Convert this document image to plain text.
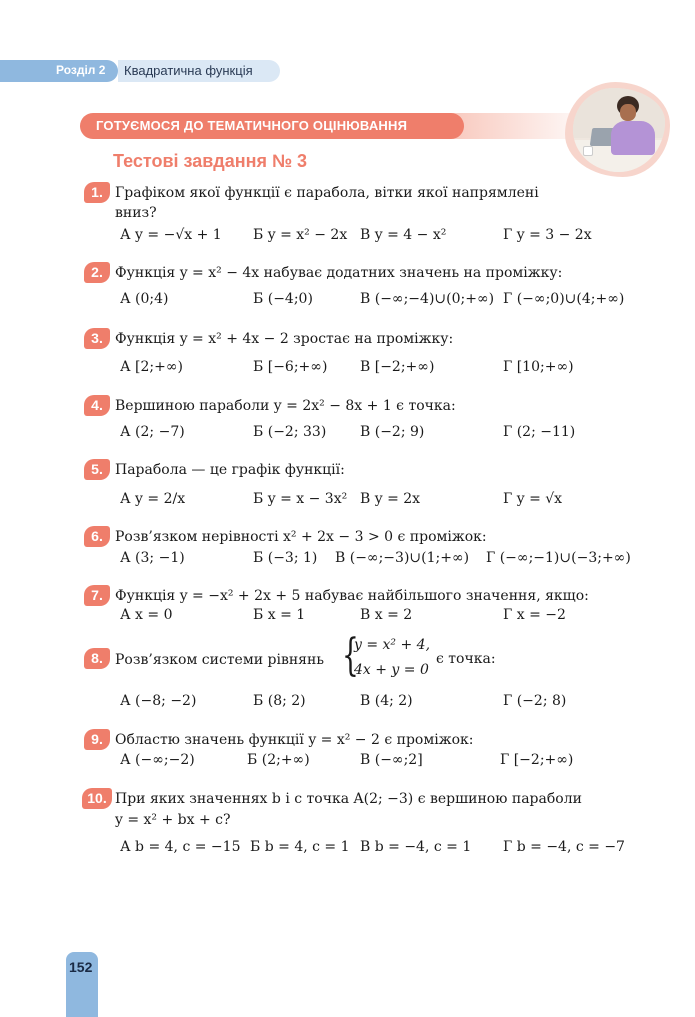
Розділ 2 Квадратична функція
ГОТУЄМОСЯ ДО ТЕМАТИЧНОГО ОЦІНЮВАННЯ
Тестові завдання № 3
1. Графіком якої функції є парабола, вітки якої напрямлені
вниз?
А y = −√x + 1 Б y = x² − 2x В y = 4 − x²	Г y = 3 − 2x
2. Функція y = x² − 4x набуває додатних значень на проміжку:
А (0;4)	Б (−4;0)	В (−∞;−4)∪(0;+∞) Г (−∞;0)∪(4;+∞)
3. Функція y = x² + 4x − 2 зростає на проміжку:
А [2;+∞)	Б [−6;+∞) В [−2;+∞)	Г [10;+∞)
4. Вершиною параболи y = 2x² − 8x + 1 є точка:
А (2; −7)	Б (−2; 33) В (−2; 9)	Г (2; −11)
5. Парабола — це графік функції:
А y = 2/x	Б y = x − 3x² В y = 2x	Г y = √x
6. Розв’язком нерівності x² + 2x − 3 > 0 є проміжок:
А (3; −1)	Б (−3; 1) В (−∞;−3)∪(1;+∞) Г (−∞;−1)∪(−3;+∞)
7. Функція y = −x² + 2x + 5 набуває найбільшого значення, якщо:
А x = 0	Б x = 1	В x = 2	Г x = −2
8. Розв’язком системи рівнянь {
y = x² + 4,
4x + y = 0
є точка:
А (−8; −2)	Б (8; 2)	В (4; 2)	Г (−2; 8)
9. Областю значень функції y = x² − 2 є проміжок:
А (−∞;−2)	Б (2;+∞)	В (−∞;2]	Г [−2;+∞)
10. При яких значеннях b і c точка A(2; −3) є вершиною параболи
y = x² + bx + c?
А b = 4, c = −15 Б b = 4, c = 1 В b = −4, c = 1 Г b = −4, c = −7
152
